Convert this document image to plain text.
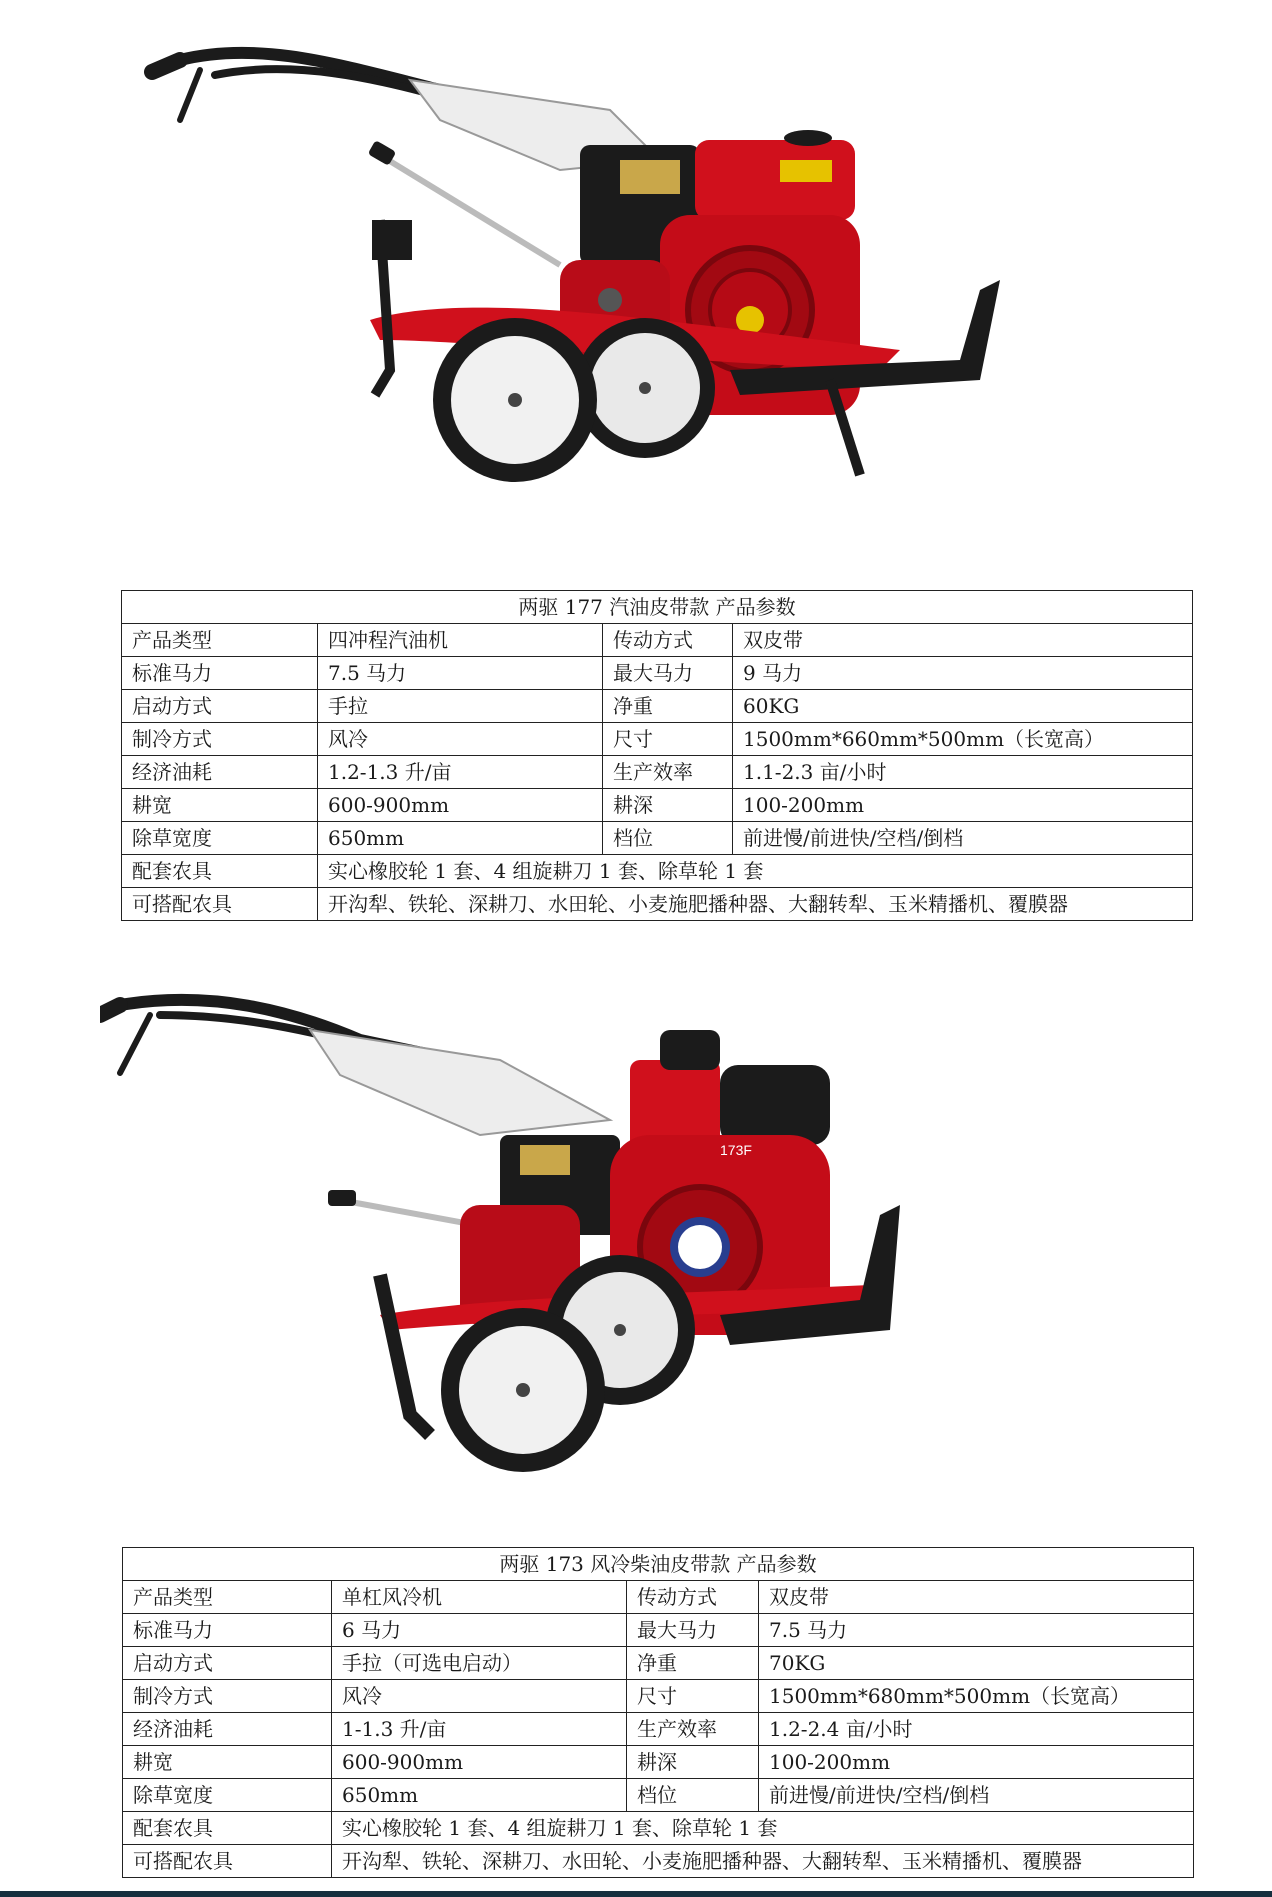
两驱 177 汽油皮带款 产品参数			
产品类型	四冲程汽油机	传动方式	双皮带
标准马力	7.5 马力	最大马力	9 马力
启动方式	手拉	净重	60KG
制冷方式	风冷	尺寸	1500mm*660mm*500mm（长宽高）
经济油耗	1.2-1.3 升/亩	生产效率	1.1-2.3 亩/小时
耕宽	600-900mm	耕深	100-200mm
除草宽度	650mm	档位	前进慢/前进快/空档/倒档
配套农具	实心橡胶轮 1 套、4 组旋耕刀 1 套、除草轮 1 套		
可搭配农具	开沟犁、铁轮、深耕刀、水田轮、小麦施肥播种器、大翻转犁、玉米精播机、覆膜器		
173F
两驱 173 风冷柴油皮带款 产品参数			
产品类型	单杠风冷机	传动方式	双皮带
标准马力	6 马力	最大马力	7.5 马力
启动方式	手拉（可选电启动）	净重	70KG
制冷方式	风冷	尺寸	1500mm*680mm*500mm（长宽高）
经济油耗	1-1.3 升/亩	生产效率	1.2-2.4 亩/小时
耕宽	600-900mm	耕深	100-200mm
除草宽度	650mm	档位	前进慢/前进快/空档/倒档
配套农具	实心橡胶轮 1 套、4 组旋耕刀 1 套、除草轮 1 套		
可搭配农具	开沟犁、铁轮、深耕刀、水田轮、小麦施肥播种器、大翻转犁、玉米精播机、覆膜器		
